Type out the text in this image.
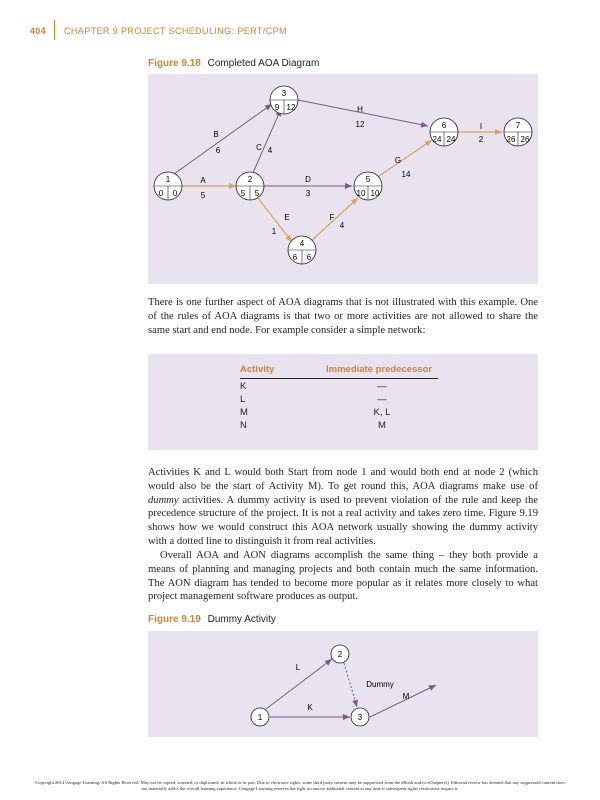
404 CHAPTER 9 PROJECT SCHEDULING: PERT/CPM
Figure 9.18 Completed AOA Diagram
1
0 0
2
5 5
3
9 12
4
6 6
5
10 10
6
24 24
7
26 26
A
5
B
6	C 4
D
3
E
1
F
4
G
14
H
12	I
2

There is one further aspect of AOA diagrams that is not illustrated with this example. One of the rules of AOA diagrams is that two or more activities are not allowed to share the same start and end node. For example consider a simple network:

Activity	Immediate predecessor
K	—
L	—
M	K, L
N	M

Activities K and L would both Start from node 1 and would both end at node 2 (which would also be the start of Activity M). To get round this, AOA diagrams make use of dummy activities. A dummy activity is used to prevent violation of the rule and keep the precedence structure of the project. It is not a real activity and takes zero time. Figure 9.19 shows how we would construct this AOA network usually showing the dummy activity with a dotted line to distinguish it from real activities.

Overall AOA and AON diagrams accomplish the same thing – they both provide a means of planning and managing projects and both contain much the same information. The AON diagram has tended to become more popular as it relates more closely to what project management software produces as output.

Figure 9.19 Dummy Activity
1
2
3
L
K
Dummy
M
Copyright 2014 Cengage Learning. All Rights Reserved. May not be copied, scanned, or duplicated, in whole or in part. Due to electronic rights, some third party content may be suppressed from the eBook and/or eChapter(s). Editorial review has deemed that any suppressed content does not materially affect the overall learning experience. Cengage Learning reserves the right to remove additional content at any time if subsequent rights restrictions require it.
